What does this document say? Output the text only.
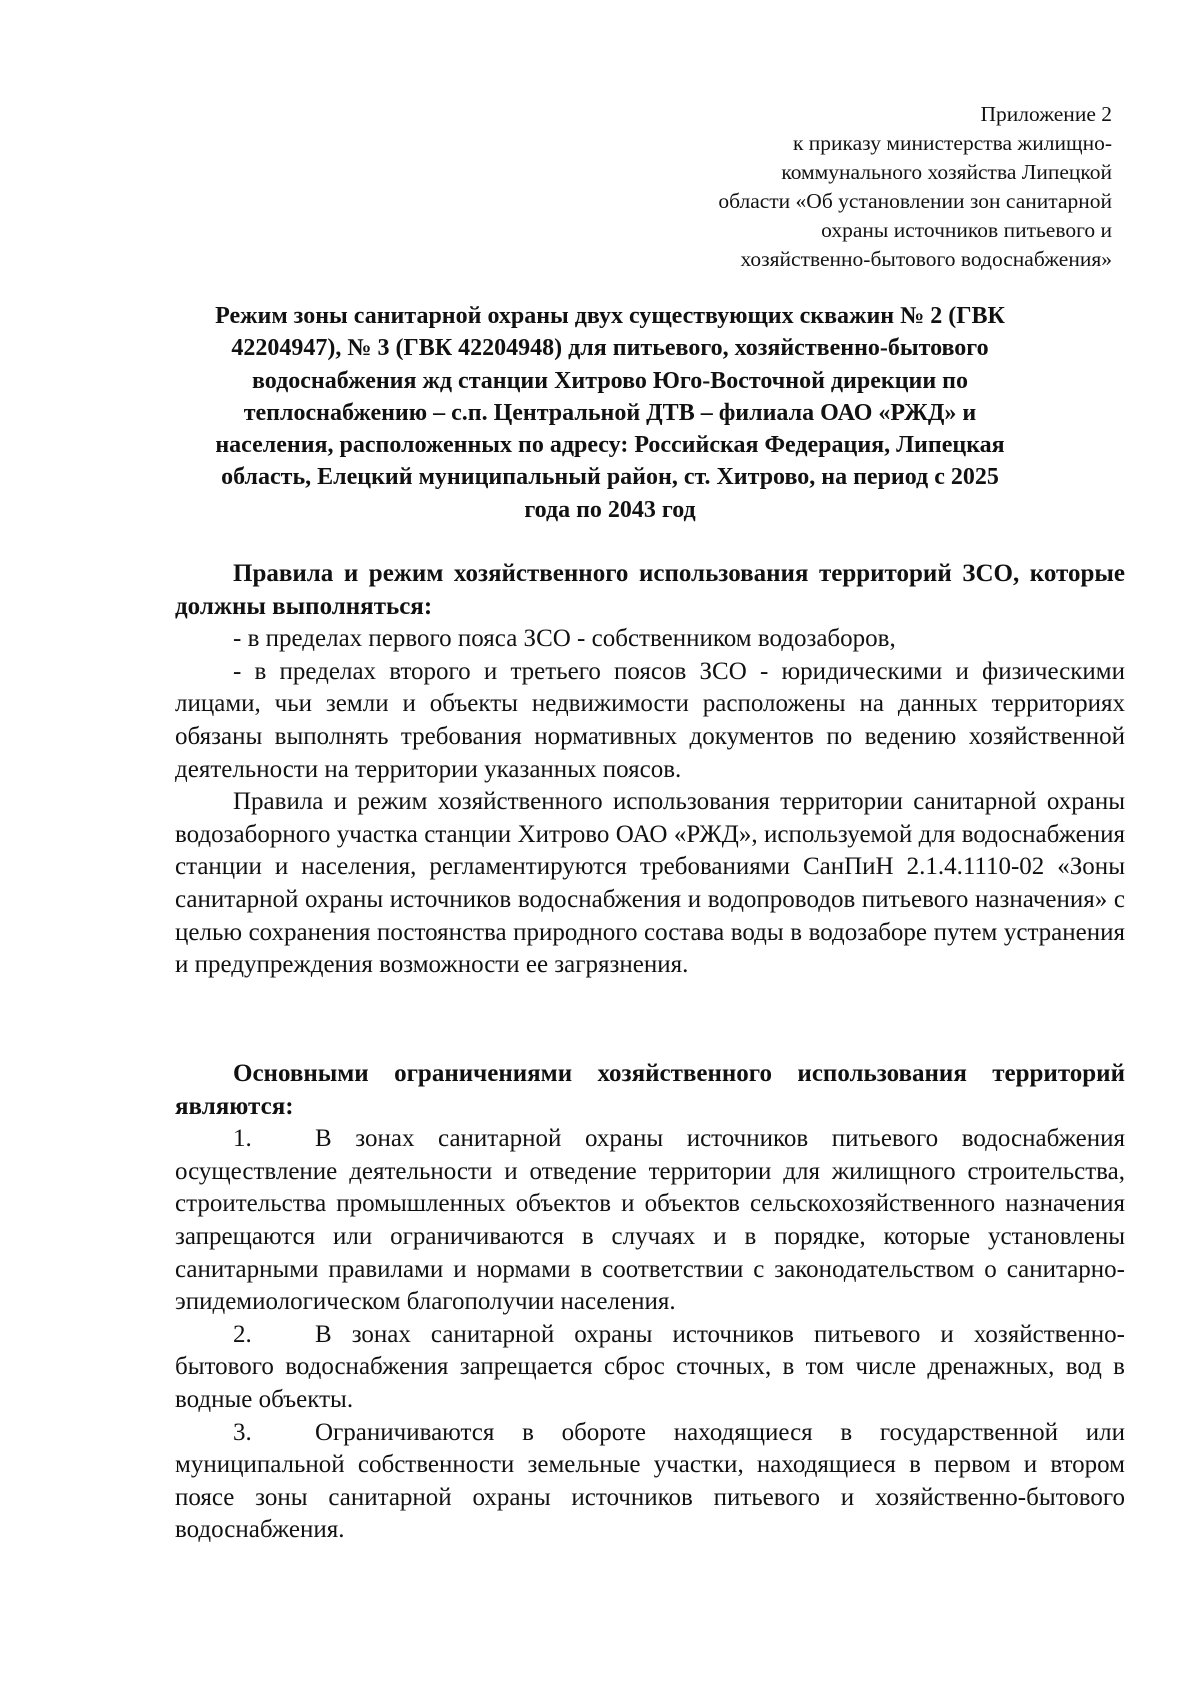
Приложение 2
к приказу министерства жилищно-
коммунального хозяйства Липецкой
области «Об установлении зон санитарной
охраны источников питьевого и
хозяйственно-бытового водоснабжения»
Режим зоны санитарной охраны двух существующих скважин № 2 (ГВК
42204947), № 3 (ГВК 42204948) для питьевого, хозяйственно-бытового
водоснабжения жд станции Хитрово Юго-Восточной дирекции по
теплоснабжению – с.п. Центральной ДТВ – филиала ОАО «РЖД» и
населения, расположенных по адресу: Российская Федерация, Липецкая
область, Елецкий муниципальный район, ст. Хитрово, на период с 2025
года по 2043 год

Правила и режим хозяйственного использования территорий ЗСО, которые должны выполняться:

- в пределах первого пояса ЗСО - собственником водозаборов,

- в пределах второго и третьего поясов ЗСО - юридическими и физическими лицами, чьи земли и объекты недвижимости расположены на данных территориях обязаны выполнять требования нормативных документов по ведению хозяйственной деятельности на территории указанных поясов.

Правила и режим хозяйственного использования территории санитарной охраны водозаборного участка станции Хитрово ОАО «РЖД», используемой для водоснабжения станции и населения, регламентируются требованиями СанПиН 2.1.4.1110-02 «Зоны санитарной охраны источников водоснабжения и водопроводов питьевого назначения» с целью сохранения постоянства природного состава воды в водозаборе путем устранения и предупреждения возможности ее загрязнения.

Основными ограничениями хозяйственного использования территорий являются:

1.	В зонах санитарной охраны источников питьевого водоснабжения осуществление деятельности и отведение территории для жилищного строительства, строительства промышленных объектов и объектов сельскохозяйственного назначения запрещаются или ограничиваются в случаях и в порядке, которые установлены санитарными правилами и нормами в соответствии с законодательством о санитарно-эпидемиологическом благополучии населения.

2.	В зонах санитарной охраны источников питьевого и хозяйственно-бытового водоснабжения запрещается сброс сточных, в том числе дренажных, вод в водные объекты.

3.	Ограничиваются в обороте находящиеся в государственной или муниципальной собственности земельные участки, находящиеся в первом и втором поясе зоны санитарной охраны источников питьевого и хозяйственно-бытового водоснабжения.
